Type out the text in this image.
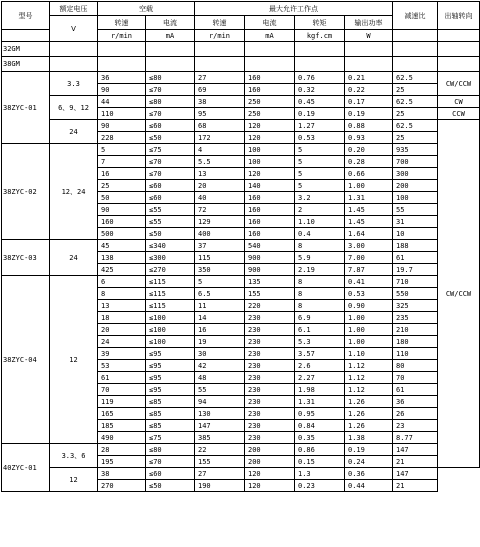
型号	额定电压	空载		最大允许工作点				减速比	出轴转向
	V	转速	电流	转速	电流	转矩	输出功率		
		r/min	mA	r/min	mA	kgf.cm	W		
32GM									
38GM									
38ZYC-01	3.3	36	≤80	27	160	0.76	0.21	62.5	CW/CCW
		90	≤70	69	160	0.32	0.22	25	
	6、9、12	44	≤80	38	250	0.45	0.17	62.5	CW
		110	≤70	95	250	0.19	0.19	25	CCW
	24	90	≤60	68	120	1.27	0.88	62.5	CW/CCW
		228	≤50	172	120	0.53	0.93	25	
38ZYC-02	12、24	5	≤75	4	100	5	0.20	935	
		7	≤70	5.5	100	5	0.28	700	
		16	≤70	13	120	5	0.66	300	
		25	≤60	20	140	5	1.00	200	
		50	≤60	40	160	3.2	1.31	100	
		90	≤55	72	160	2	1.45	55	
		160	≤55	129	160	1.10	1.45	31	
		500	≤50	400	160	0.4	1.64	10	
38ZYC-03	24	45	≤340	37	540	8	3.00	188	
		138	≤300	115	900	5.9	7.00	61	
		425	≤270	350	900	2.19	7.87	19.7	
38ZYC-04	12	6	≤115	5	135	8	0.41	710	
		8	≤115	6.5	155	8	0.53	550	
		13	≤115	11	220	8	0.90	325	
		18	≤100	14	230	6.9	1.00	235	
		20	≤100	16	230	6.1	1.00	210	
		24	≤100	19	230	5.3	1.00	180	
		39	≤95	30	230	3.57	1.10	110	
		53	≤95	42	230	2.6	1.12	80	
		61	≤95	48	230	2.27	1.12	70	
		70	≤95	55	230	1.98	1.12	61	
		119	≤85	94	230	1.31	1.26	36	
		165	≤85	130	230	0.95	1.26	26	
		185	≤85	147	230	0.84	1.26	23	
		490	≤75	385	230	0.35	1.38	8.77	
40ZYC-01	3.3、6	28	≤80	22	200	0.86	0.19	147	
		195	≤70	155	200	0.15	0.24	21	
	12	38	≤60	27	120	1.3	0.36	147	
		270	≤50	190	120	0.23	0.44	21	
